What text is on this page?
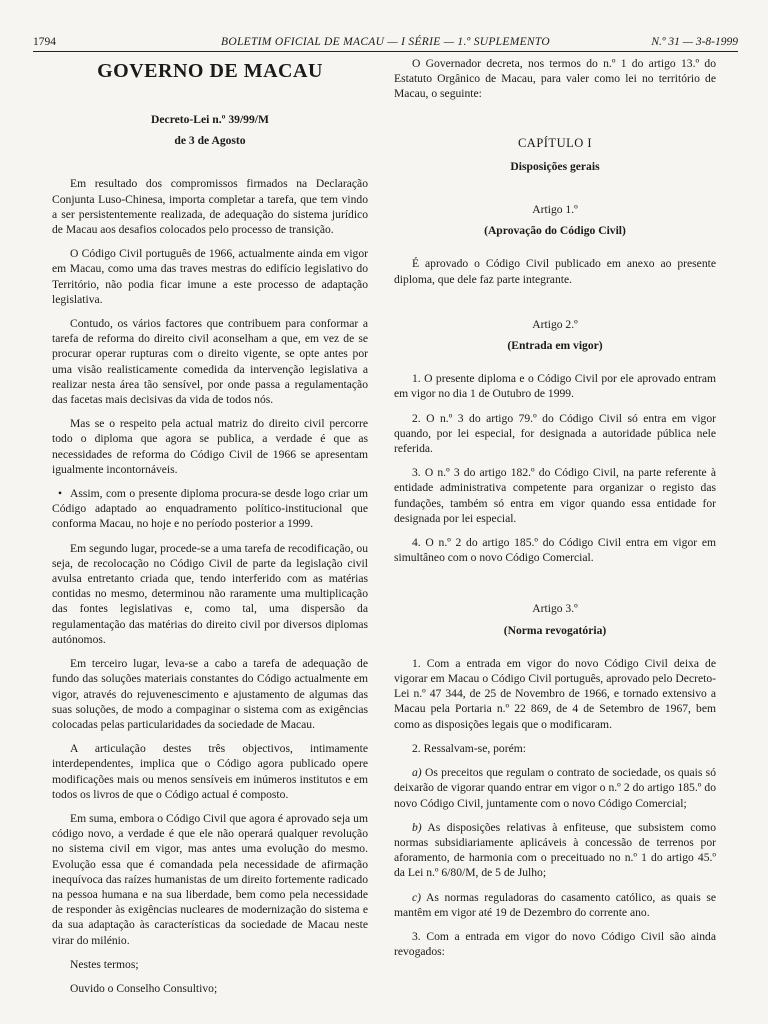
1794	BOLETIM OFICIAL DE MACAU — I SÉRIE — 1.º SUPLEMENTO	N.º 31 — 3-8-1999
GOVERNO DE MACAU
Decreto-Lei n.º 39/99/M
de 3 de Agosto

Em resultado dos compromissos firmados na Declaração Conjunta Luso-Chinesa, importa completar a tarefa, que tem vindo a ser persistentemente realizada, de adequação do sistema jurídico de Macau aos desafios colocados pelo processo de transição.

O Código Civil português de 1966, actualmente ainda em vigor em Macau, como uma das traves mestras do edifício legislativo do Território, não podia ficar imune a este processo de adaptação legislativa.

Contudo, os vários factores que contribuem para conformar a tarefa de reforma do direito civil aconselham a que, em vez de se procurar operar rupturas com o direito vigente, se opte antes por uma visão realisticamente comedida da intervenção legislativa a realizar nesta área tão sensível, por onde passa a regulamentação das facetas mais decisivas da vida de todos nós.

Mas se o respeito pela actual matriz do direito civil percorre todo o diploma que agora se publica, a verdade é que as necessidades de reforma do Código Civil de 1966 se apresentam igualmente incontornáveis.

• Assim, com o presente diploma procura-se desde logo criar um Código adaptado ao enquadramento político-institucional que conforma Macau, no hoje e no período posterior a 1999.

Em segundo lugar, procede-se a uma tarefa de recodificação, ou seja, de recolocação no Código Civil de parte da legislação civil avulsa entretanto criada que, tendo interferido com as matérias contidas no mesmo, determinou não raramente uma multiplicação das fontes legislativas e, como tal, uma dispersão da regulamentação das matérias do direito civil por diversos diplomas autónomos.

Em terceiro lugar, leva-se a cabo a tarefa de adequação de fundo das soluções materiais constantes do Código actualmente em vigor, através do rejuvenescimento e ajustamento de algumas das suas soluções, de modo a compaginar o sistema com as exigências colocadas pelas particularidades da sociedade de Macau.

A articulação destes três objectivos, intimamente interdependentes, implica que o Código agora publicado opere modificações mais ou menos sensíveis em inúmeros institutos e em todos os livros de que o Código actual é composto.

Em suma, embora o Código Civil que agora é aprovado seja um código novo, a verdade é que ele não operará qualquer revolução no sistema civil em vigor, mas antes uma evolução do mesmo. Evolução essa que é comandada pela necessidade de afirmação inequívoca das raízes humanistas de um direito fortemente radicado na pessoa humana e na sua liberdade, bem como pela necessidade de responder às exigências nucleares de modernização do sistema e da sua adaptação às características da sociedade de Macau neste virar do milénio.

Nestes termos;

Ouvido o Conselho Consultivo;

O Governador decreta, nos termos do n.º 1 do artigo 13.º do Estatuto Orgânico de Macau, para valer como lei no território de Macau, o seguinte:

CAPÍTULO I
Disposições gerais
Artigo 1.º
(Aprovação do Código Civil)

É aprovado o Código Civil publicado em anexo ao presente diploma, que dele faz parte integrante.

Artigo 2.º
(Entrada em vigor)

1. O presente diploma e o Código Civil por ele aprovado entram em vigor no dia 1 de Outubro de 1999.

2. O n.º 3 do artigo 79.º do Código Civil só entra em vigor quando, por lei especial, for designada a autoridade pública nele referida.

3. O n.º 3 do artigo 182.º do Código Civil, na parte referente à entidade administrativa competente para organizar o registo das fundações, também só entra em vigor quando essa entidade for designada por lei especial.

4. O n.º 2 do artigo 185.º do Código Civil entra em vigor em simultâneo com o novo Código Comercial.

Artigo 3.º
(Norma revogatória)

1. Com a entrada em vigor do novo Código Civil deixa de vigorar em Macau o Código Civil português, aprovado pelo Decreto-Lei n.º 47 344, de 25 de Novembro de 1966, e tornado extensivo a Macau pela Portaria n.º 22 869, de 4 de Setembro de 1967, bem como as disposições legais que o modificaram.

2. Ressalvam-se, porém:

a) Os preceitos que regulam o contrato de sociedade, os quais só deixarão de vigorar quando entrar em vigor o n.º 2 do artigo 185.º do novo Código Civil, juntamente com o novo Código Comercial;

b) As disposições relativas à enfiteuse, que subsistem como normas subsidiariamente aplicáveis à concessão de terrenos por aforamento, de harmonia com o preceituado no n.º 1 do artigo 45.º da Lei n.º 6/80/M, de 5 de Julho;

c) As normas reguladoras do casamento católico, as quais se mantêm em vigor até 19 de Dezembro do corrente ano.

3. Com a entrada em vigor do novo Código Civil são ainda revogados:
